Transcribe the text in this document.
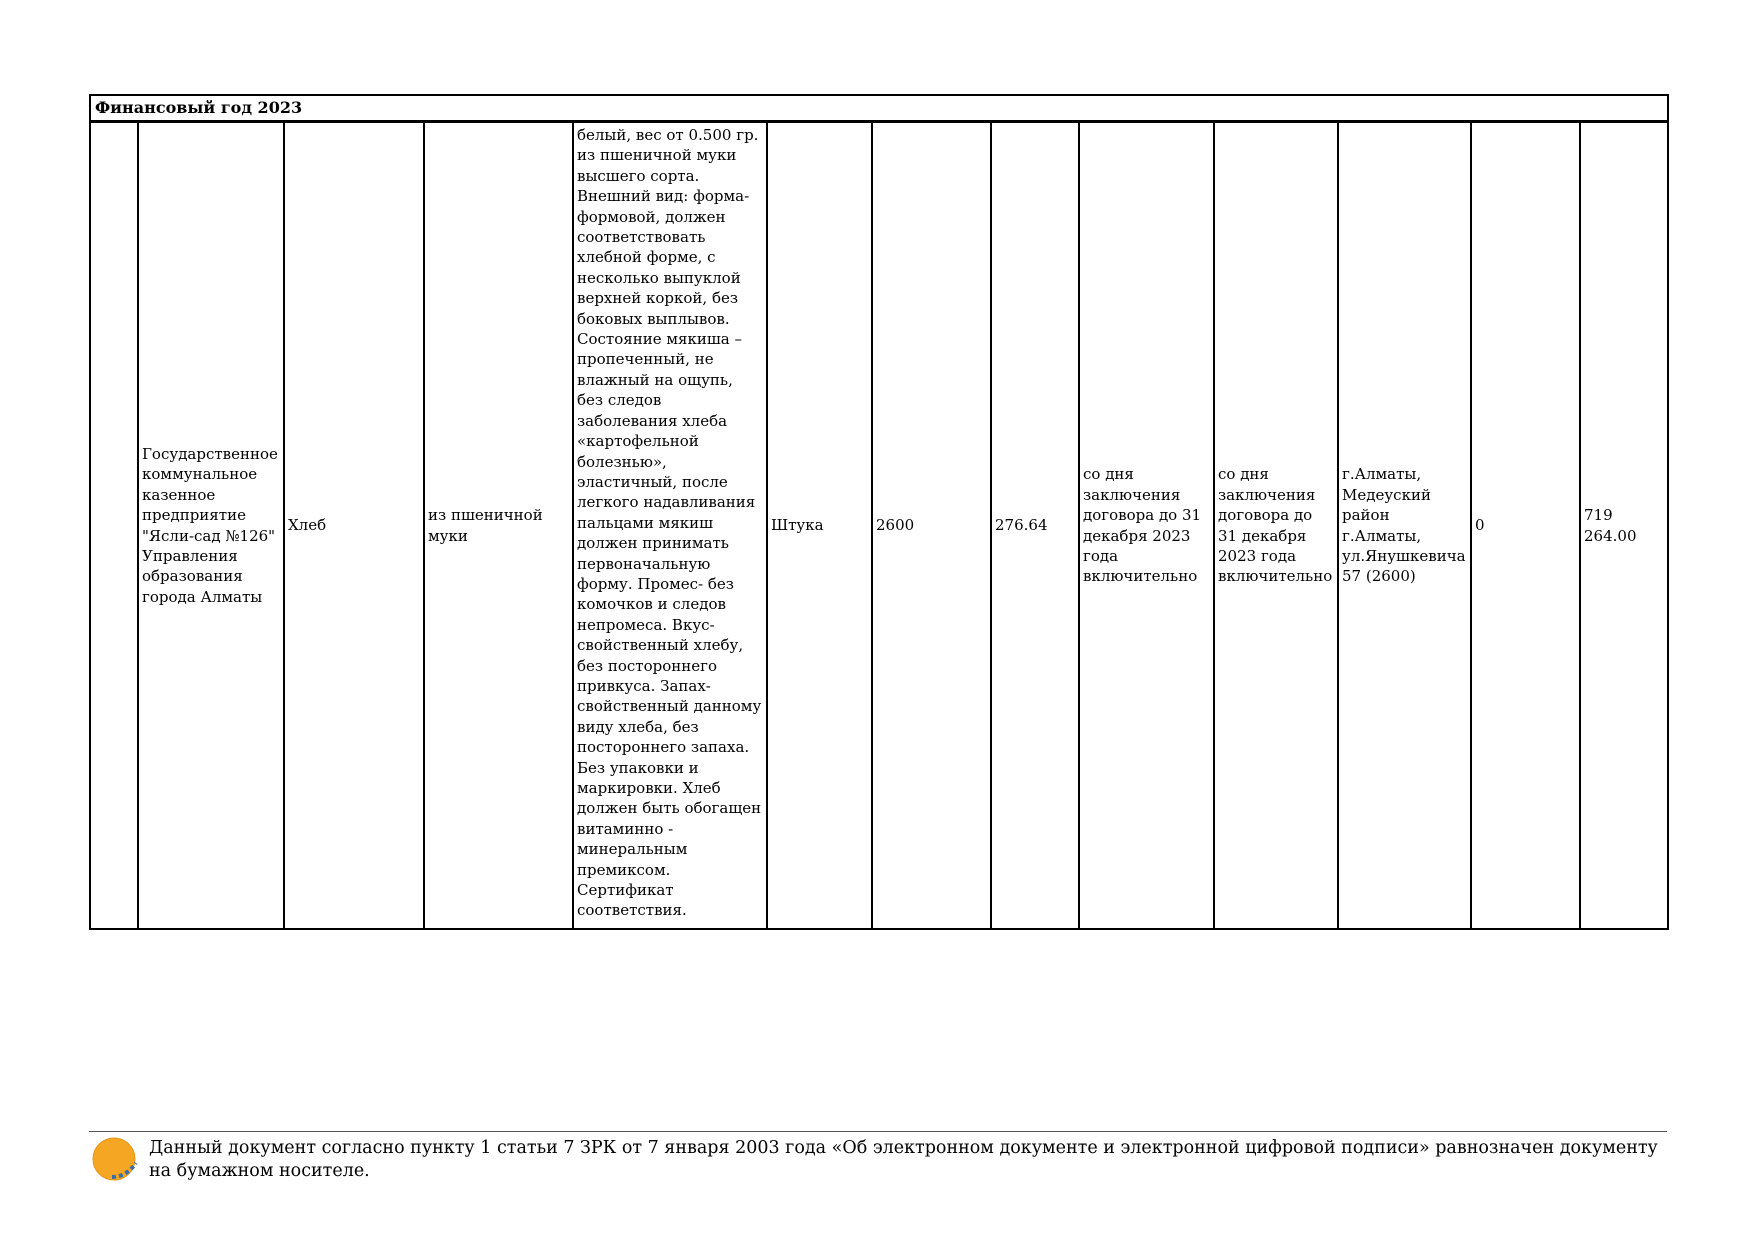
Финансовый год 2023
	Государственное коммунальное казенное предприятие "Ясли-сад №126" Управления образования города Алматы	Хлеб	из пшеничной муки	белый, вес от 0.500 гр. из пшеничной муки высшего сорта. Внешний вид: форма-формовой, должен соответствовать хлебной форме, с несколько выпуклой верхней коркой, без боковых выплывов. Состояние мякиша – пропеченный, не влажный на ощупь, без следов заболевания хлеба «картофельной болезнью», эластичный, после легкого надавливания пальцами мякиш должен принимать первоначальную форму. Промес- без комочков и следов непромеса. Вкус- свойственный хлебу, без постороннего привкуса. Запах- свойственный данному виду хлеба, без постороннего запаха. Без упаковки и маркировки. Хлеб должен быть обогащен витаминно - минеральным премиксом. Сертификат соответствия.	Штука	2600	276.64	со дня заключения договора до 31 декабря 2023 года включительно	со дня заключения договора до 31 декабря 2023 года включительно	г.Алматы, Медеуский район г.Алматы, ул.Янушкевича 57 (2600)	0	719 264.00
Данный документ согласно пункту 1 статьи 7 ЗРК от 7 января 2003 года «Об электронном документе и электронной цифровой подписи» равнозначен документу на бумажном носителе.
